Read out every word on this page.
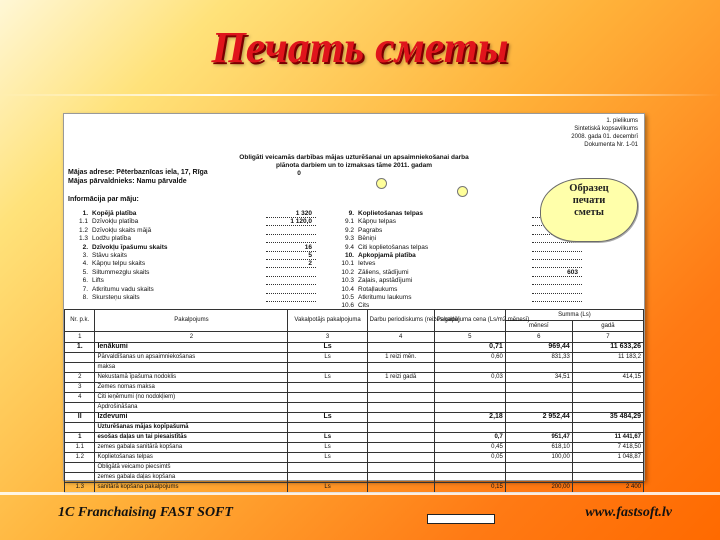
Печать сметы
1. pielikums
Sintetiskā kopsavilkums
2008. gada 01. decembrī
Dokumenta Nr. 1-01
Obligāti veicamās darbības mājas uzturēšanai un apsaimniekošanai darba
plānota darbiem un to izmaksas tāme 2011. gadam
0
Mājas adrese: Pēterbaznīcas iela, 17, Rīga
Mājas pārvaldnieks: Namu pārvalde
Informācija par māju:
1. Kopējā platība	1 320
1.1 Dzīvokļu platība	1 120,0
1.2 Dzīvokļu skaits mājā
1.3 Lodžu platība
2. Dzīvokļu īpašumu skaits	16
3. Stāvu skaits	5
4. Kāpņu telpu skaits	2
5. Siltummezglu skaits
6. Lifts
7. Atkritumu vadu skaits
8. Skursteņu skaits
9. Koplietošanas telpas
9.1 Kāpņu telpas
9.2 Pagrabs
9.3 Bēniņi
9.4 Citi koplietošanas telpas
10. Apkopjamā platība
10.1 Ietves
10.2 Zāliens, stādījumi	603
10.3 Zaļais, apstādījumi
10.4 Rotaļlaukums
10.5 Atkritumu laukums
10.6 Cits
Nr. p.k.	Pakalpojums	Vakalpotājs pakalpojuma	Darbu periodiskums (reizes gadā)	Pakalpojuma cena (Ls/m2 mēnesī)	Summa (Ls)	
					mēnesī	gadā
1	2	3	4	5	6	7
1.	Ienākumi	Ls		0,71	969,44	11 633,26
	Pārvaldīšanas un apsaimniekošanas	Ls	1 reizi mēn.	0,60	831,33	11 183,2
	maksa					
2	Nekustamā īpašuma nodoklis	Ls	1 reizi gadā	0,03	34,51	414,15
3	Zemes nomas maksa					
4	Citi ieņēmumi (no nodokļiem)					
	Apdrošināšana					
II	Izdevumi	Ls		2,18	2 952,44	35 484,29
	Uzturēšanas mājas kopīpašumā					
1	esošas daļas un tai piesaistītās	Ls		0,7	951,47	11 441,67
1.1	zemes gabala sanitārā kopšana	Ls		0,45	618,10	7 418,50
1.2	Koplietošanas telpas	Ls		0,05	100,00	1 048,87
	Obligātā veicamo piecsimtš					
	zemes gabala daļas kopšana					
1.3	sanitārā kopšana pakalpojums	Ls		0,15	200,00	2 400
Образец
печати
сметы
1C Franchaising FAST SOFT	www.fastsoft.lv
